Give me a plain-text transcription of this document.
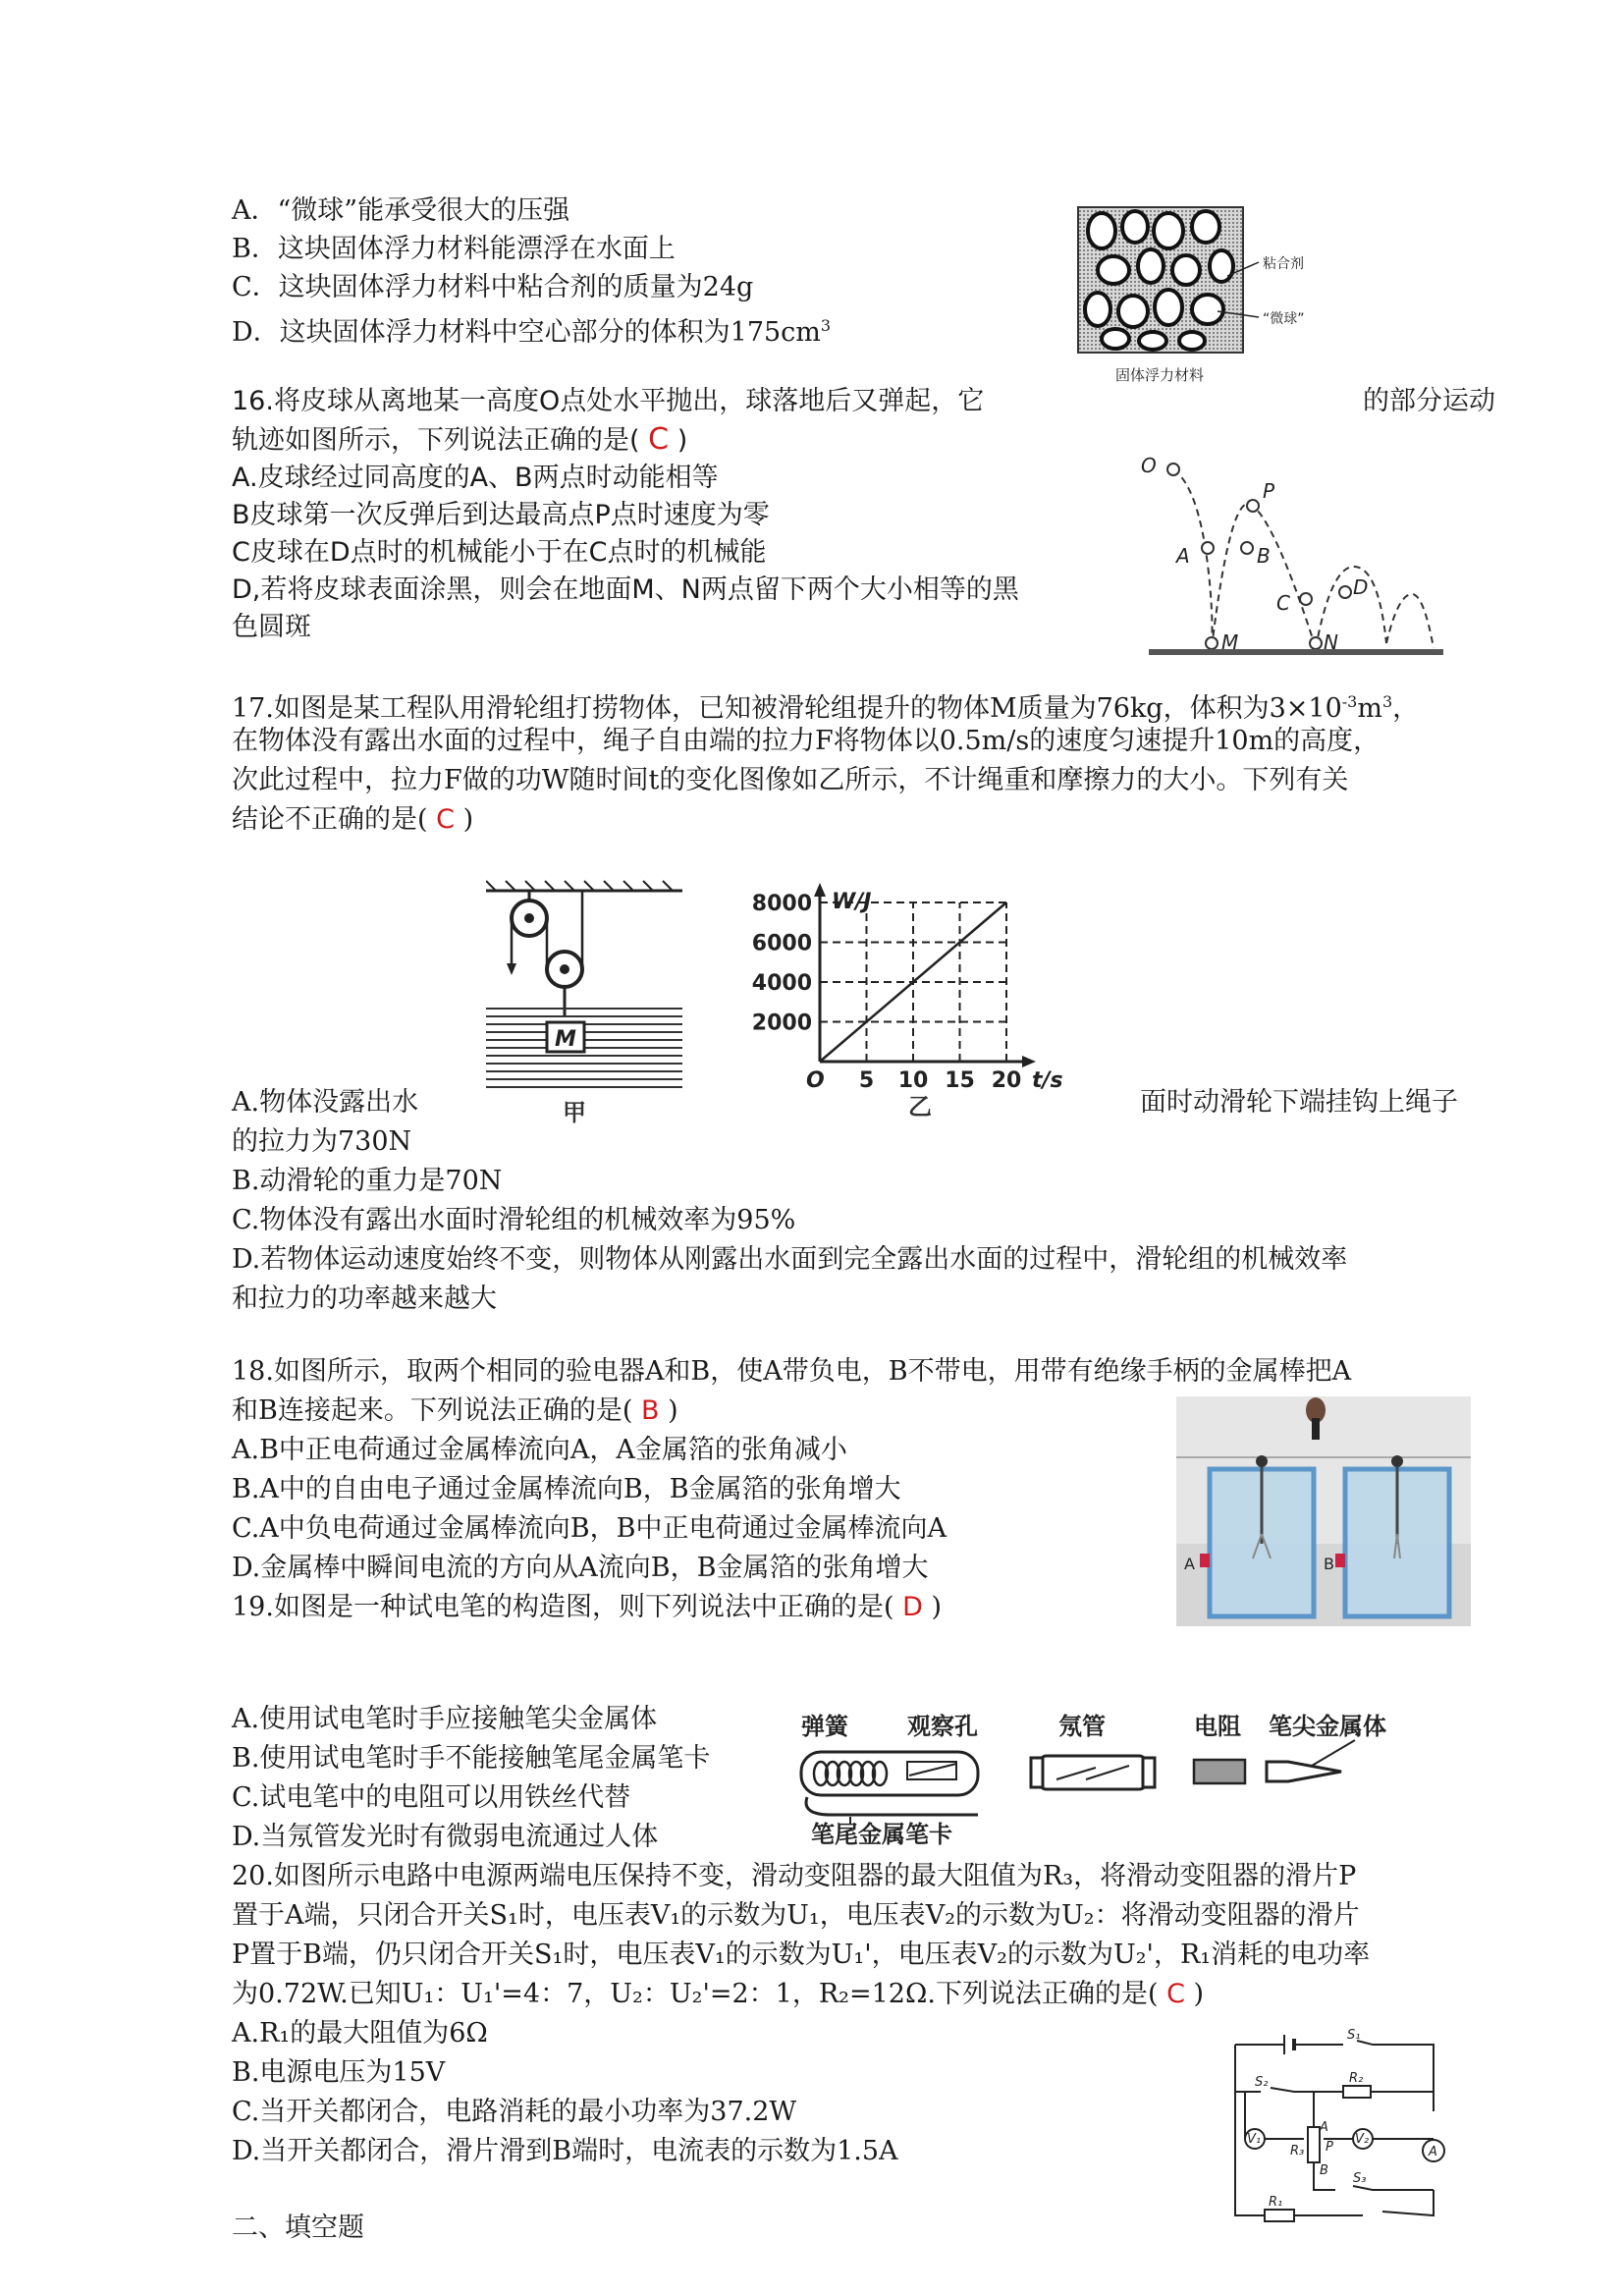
A．“微球”能承受很大的压强
B．这块固体浮力材料能漂浮在水面上
C．这块固体浮力材料中粘合剂的质量为24g
D．这块固体浮力材料中空心部分的体积为$175cm^3$
粘合剂
“微球”
固体浮力材料
16.将皮球从离地某一高度O点处水平抛出，球落地后又弹起，它	的部分运动
轨迹如图所示，下列说法正确的是( C )
A.皮球经过同高度的A、B两点时动能相等
B皮球第一次反弹后到达最高点P点时速度为零
C皮球在D点时的机械能小于在C点时的机械能
D,若将皮球表面涂黑，则会在地面M、N两点留下两个大小相等的黑
色圆斑
O
P
A	B
C
D
M	N
17.如图是某工程队用滑轮组打捞物体，已知被滑轮组提升的物体M质量为76kg，体积为$3\times 10^{-3}m^3$，
在物体没有露出水面的过程中，绳子自由端的拉力F将物体以0.5m/s的速度匀速提升10m的高度，
次此过程中，拉力F做的功W随时间t的变化图像如乙所示，不计绳重和摩擦力的大小。下列有关
结论不正确的是( C )
M
甲
2000
4000
6000
8000
5 10 15 20
W/J
t/s
O
乙
A.物体没露出水	面时动滑轮下端挂钩上绳子
的拉力为730N
B.动滑轮的重力是70N
C.物体没有露出水面时滑轮组的机械效率为95%
D.若物体运动速度始终不变，则物体从刚露出水面到完全露出水面的过程中，滑轮组的机械效率
和拉力的功率越来越大
18.如图所示，取两个相同的验电器A和B，使A带负电，B不带电，用带有绝缘手柄的金属棒把A
和B连接起来。下列说法正确的是( B )
A.B中正电荷通过金属棒流向A，A金属箔的张角减小
B.A中的自由电子通过金属棒流向B，B金属箔的张角增大
C.A中负电荷通过金属棒流向B，B中正电荷通过金属棒流向A
D.金属棒中瞬间电流的方向从A流向B，B金属箔的张角增大	A	B
19.如图是一种试电笔的构造图，则下列说法中正确的是( D )
A.使用试电笔时手应接触笔尖金属体
B.使用试电笔时手不能接触笔尾金属笔卡
C.试电笔中的电阻可以用铁丝代替
D.当氖管发光时有微弱电流通过人体
弹簧	观察孔	氖管	电阻 笔尖金属体
笔尾金属笔卡
20.如图所示电路中电源两端电压保持不变，滑动变阻器的最大阻值为R₃，将滑动变阻器的滑片P
置于A端，只闭合开关S₁时，电压表V₁的示数为U₁，电压表V₂的示数为U₂：将滑动变阻器的滑片
P置于B端，仍只闭合开关S₁时，电压表V₁的示数为U₁'，电压表V₂的示数为U₂'，R₁消耗的电功率
为0.72W.已知U₁：U₁'=4：7，U₂：U₂'=2：1，R₂=12Ω.下列说法正确的是( C )
A.R₁的最大阻值为6Ω
B.电源电压为15V
C.当开关都闭合，电路消耗的最小功率为37.2W
D.当开关都闭合，滑片滑到B端时，电流表的示数为1.5A
S₁
S₂	R₂
V₁	V₂
A
A
R₃ P
B
S₃
R₁
二、填空题
